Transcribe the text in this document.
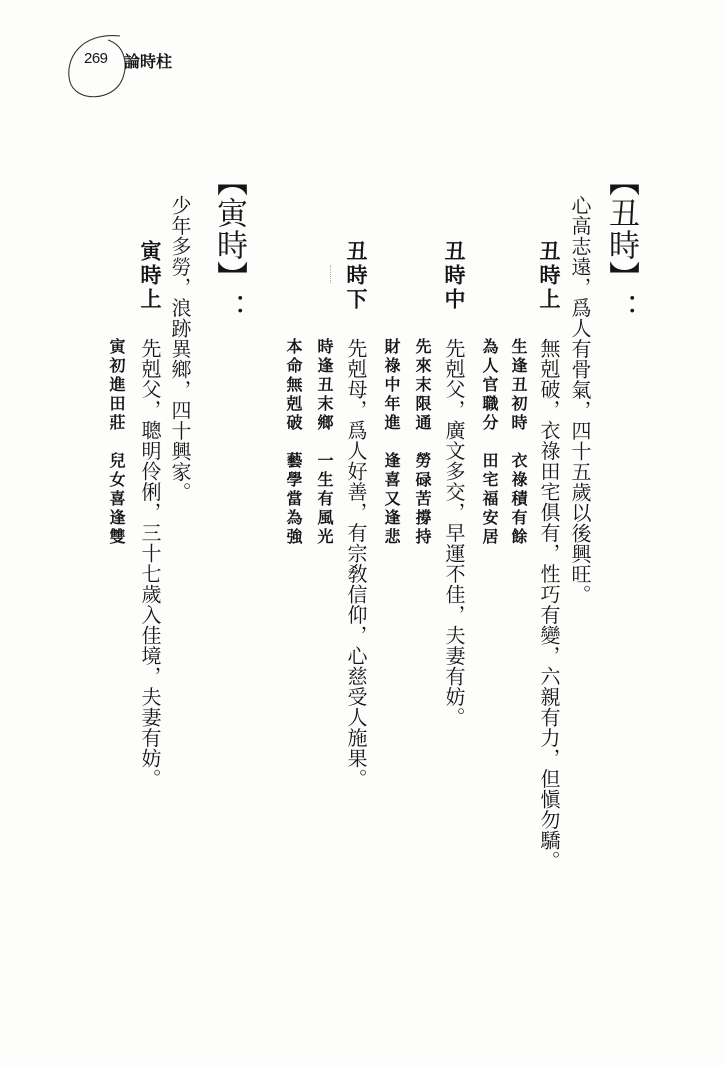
269 論時柱
【丑時】：
心高志遠，爲人有骨氣，四十五歲以後興旺。
丑時上
無剋破，衣祿田宅俱有，性巧有變，六親有力，但愼勿驕。
生逢丑初時　衣祿積有餘
為人官職分　田宅福安居
丑時中
先剋父，廣文多交，早運不佳，夫妻有妨。
先來末限通　勞碌苦撐持
財祿中年進　逢喜又逢悲
丑時下
先剋母，爲人好善，有宗敎信仰，心慈受人施果。
時逢丑末鄉　一生有風光
本命無剋破　藝學當為強
【寅時】：
少年多勞，浪跡異鄉，四十興家。
寅時上
先剋父，聰明伶俐，三十七歲入佳境，夫妻有妨。
寅初進田莊　兒女喜逢雙
